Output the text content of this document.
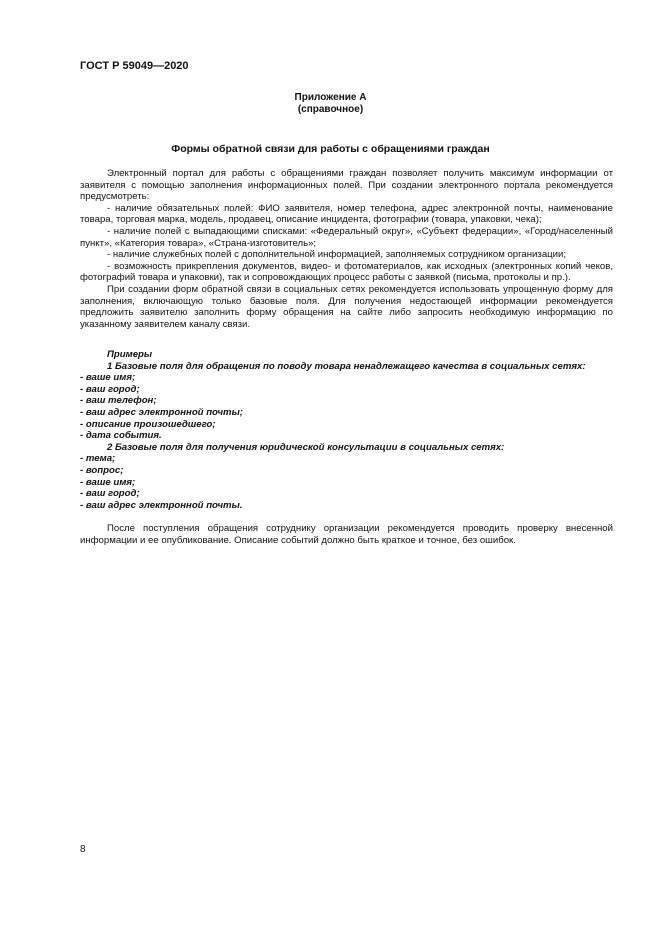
ГОСТ Р 59049—2020
Приложение А
(справочное)
Формы обратной связи для работы с обращениями граждан

Электронный портал для работы с обращениями граждан позволяет получить максимум информации от заявителя с помощью заполнения информационных полей. При создании электронного портала рекомендуется предусмотреть:

- наличие обязательных полей: ФИО заявителя, номер телефона, адрес электронной почты, наименование товара, торговая марка, модель, продавец, описание инцидента, фотографии (товара, упаковки, чека);

- наличие полей с выпадающими списками: «Федеральный округ», «Субъект федерации», «Город/населенный пункт», «Категория товара», «Страна-изготовитель»;

- наличие служебных полей с дополнительной информацией, заполняемых сотрудником организации;

- возможность прикрепления документов, видео- и фотоматериалов, как исходных (электронных копий чеков, фотографий товара и упаковки), так и сопровождающих процесс работы с заявкой (письма, протоколы и пр.).

При создании форм обратной связи в социальных сетях рекомендуется использовать упрощенную форму для заполнения, включающую только базовые поля. Для получения недостающей информации рекомендуется предложить заявителю заполнить форму обращения на сайте либо запросить необходимую информацию по указанному заявителем каналу связи.

Примеры
1 Базовые поля для обращения по поводу товара ненадлежащего качества в социальных сетях:
- ваше имя;
- ваш город;
- ваш телефон;
- ваш адрес электронной почты;
- описание произошедшего;
- дата события.
2 Базовые поля для получения юридической консультации в социальных сетях:
- тема;
- вопрос;
- ваше имя;
- ваш город;
- ваш адрес электронной почты.

После поступления обращения сотруднику организации рекомендуется проводить проверку внесенной информации и ее опубликование. Описание событий должно быть краткое и точное, без ошибок.

8
